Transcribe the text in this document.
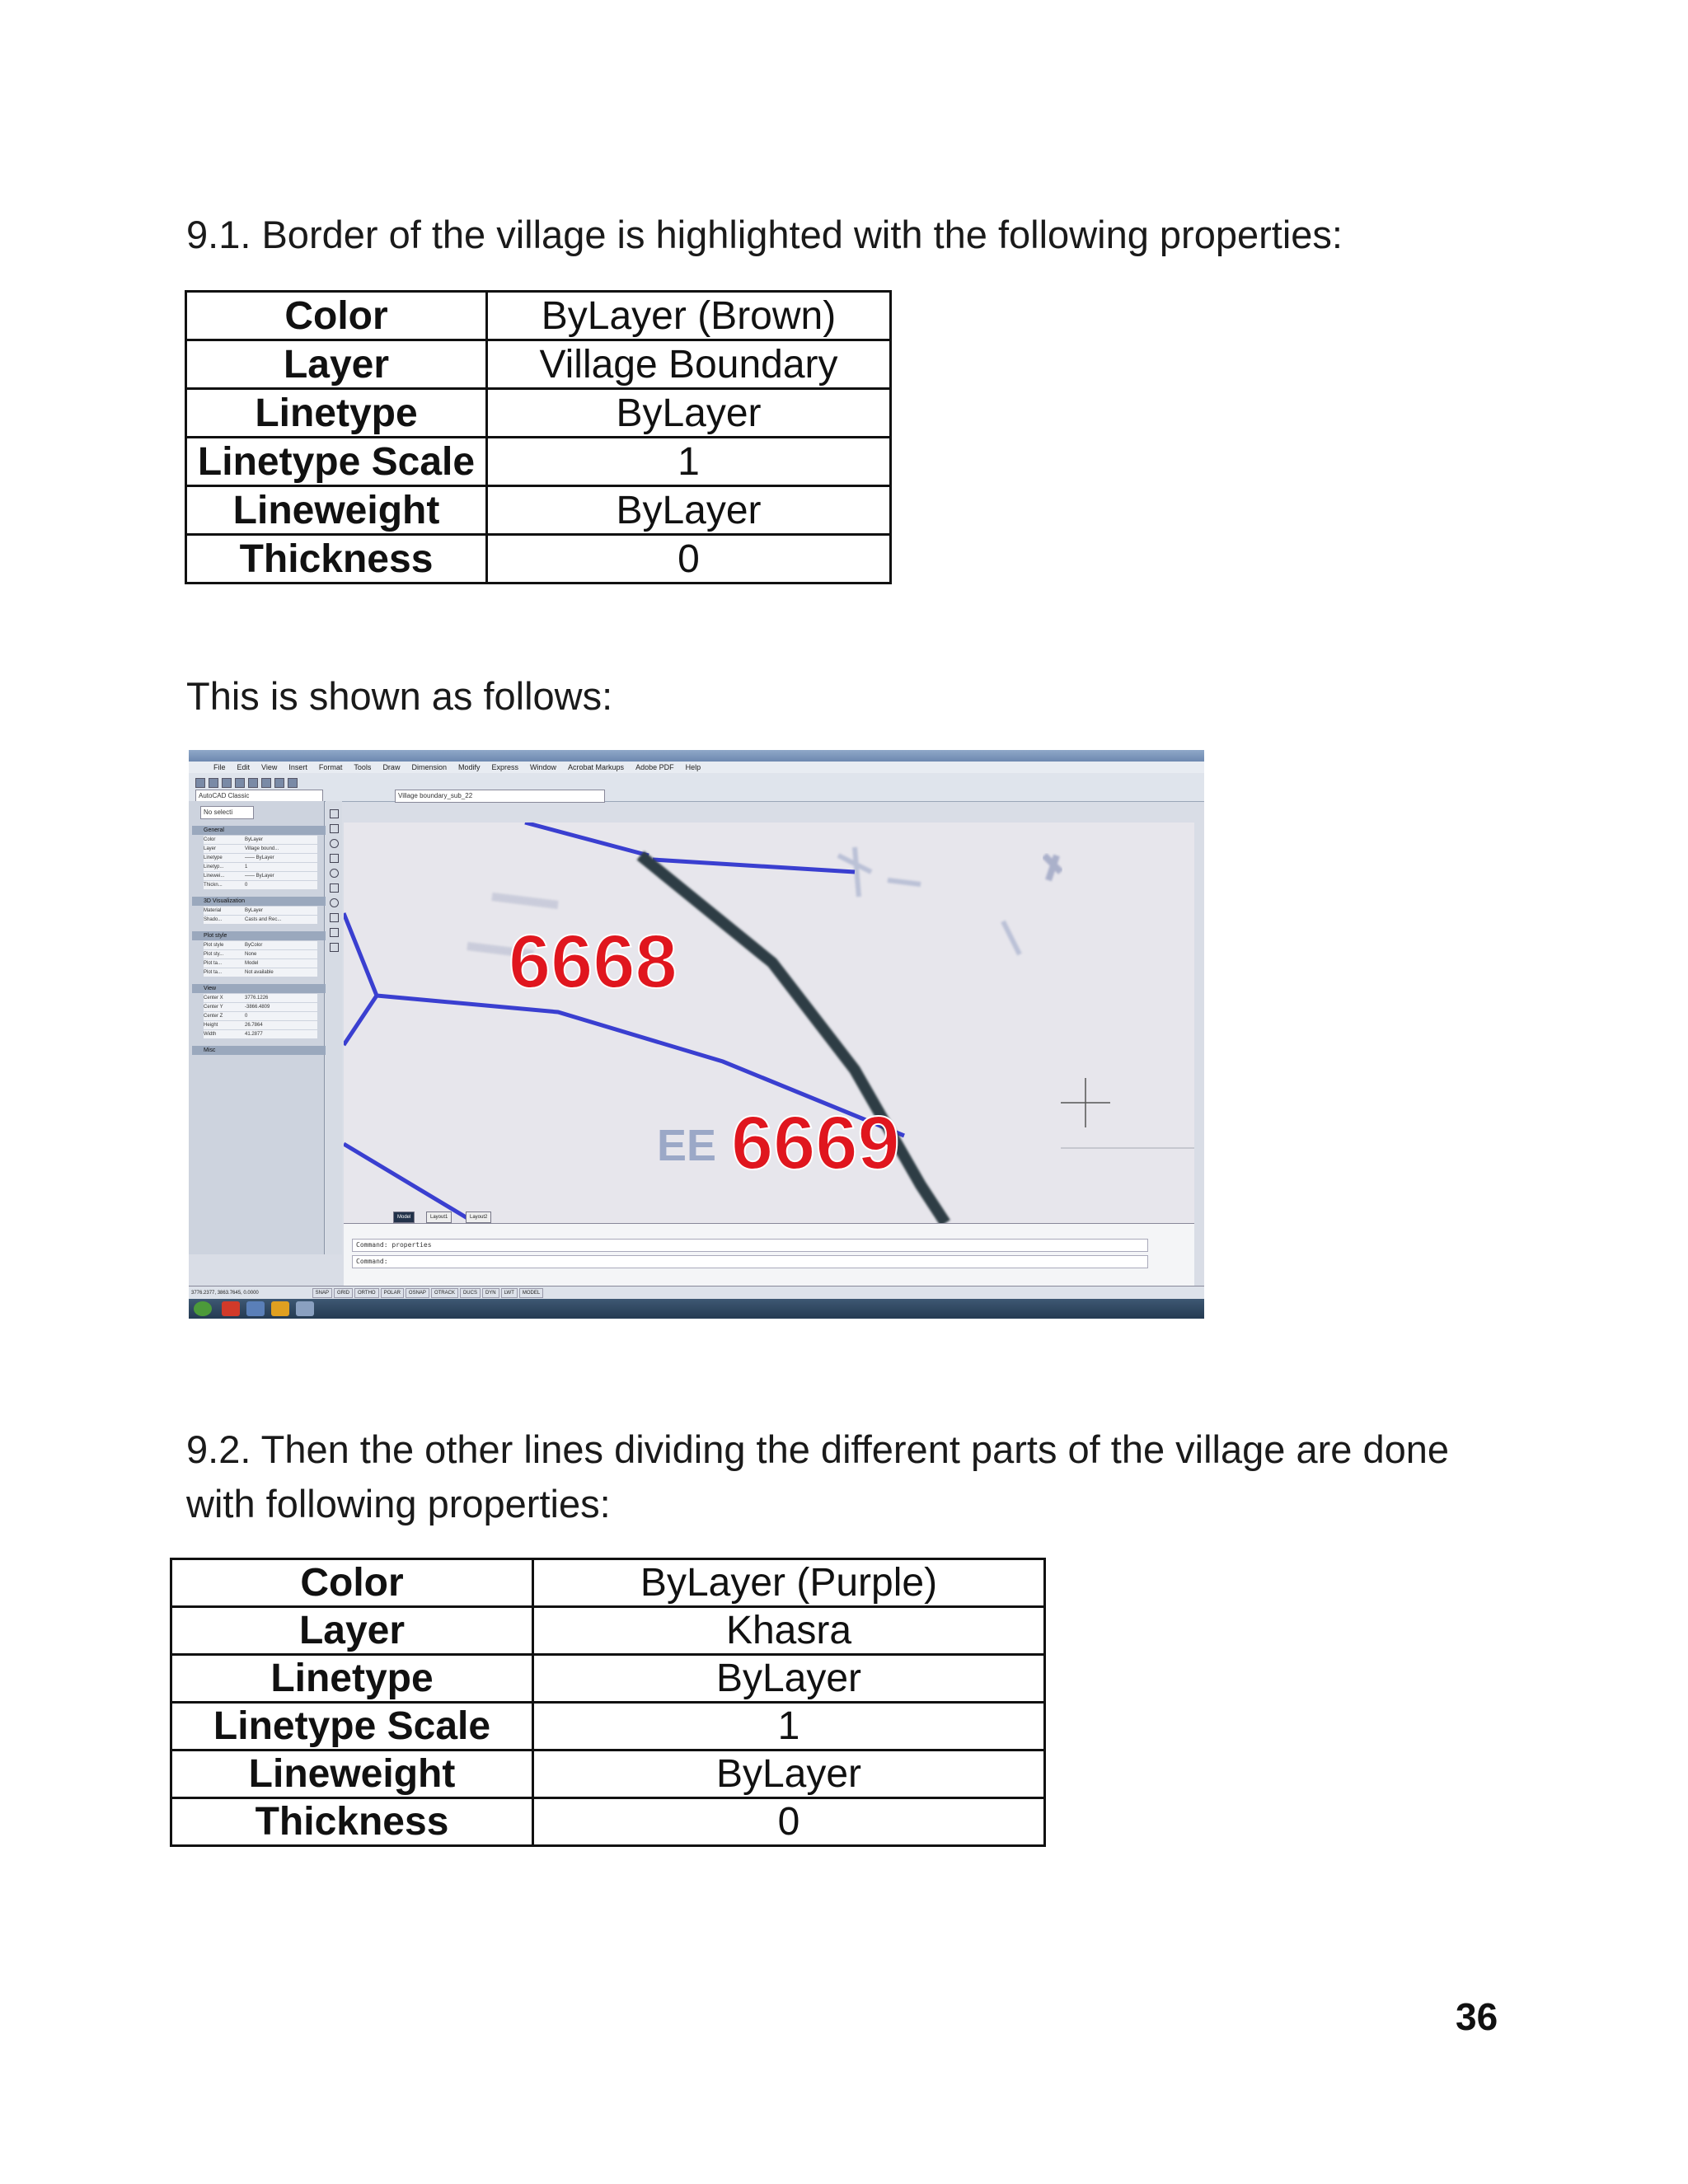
9.1. Border of the village is highlighted with the following properties:

Color	ByLayer (Brown)
Layer	Village Boundary
Linetype	ByLayer
Linetype Scale	1
Lineweight	ByLayer
Thickness	0

This is shown as follows:

File Edit View Insert Format Tools Draw Dimension Modify Express Window Acrobat Markups Adobe PDF Help
AutoCAD Classic	Village boundary_sub_22
No selecti
General
Color	ByLayer
Layer	Village bound...
Linetype	—— ByLayer
Linetyp...	1
Linewei...	—— ByLayer
Thickn...	0
3D Visualization
Material	ByLayer
Shado...	Casts and Rec...
Plot style
Plot style	ByColor
Plot sty...	None
Plot ta...	Model
Plot ta...	Not available
View
Center X	3776.1226
Center Y	-3866.4809
Center Z	0
Height	26.7864
Width	41.2877
Misc
6668
EE 6669
Model	Layout1	Layout2
Command: properties
Command:
3776.2377, 3863.7645, 0.0000	SNAP GRID ORTHO POLAR OSNAP OTRACK DUCS DYN LWT MODEL

9.2. Then the other lines dividing the different parts of the village are done

with following properties:

Color	ByLayer (Purple)
Layer	Khasra
Linetype	ByLayer
Linetype Scale	1
Lineweight	ByLayer
Thickness	0
36
